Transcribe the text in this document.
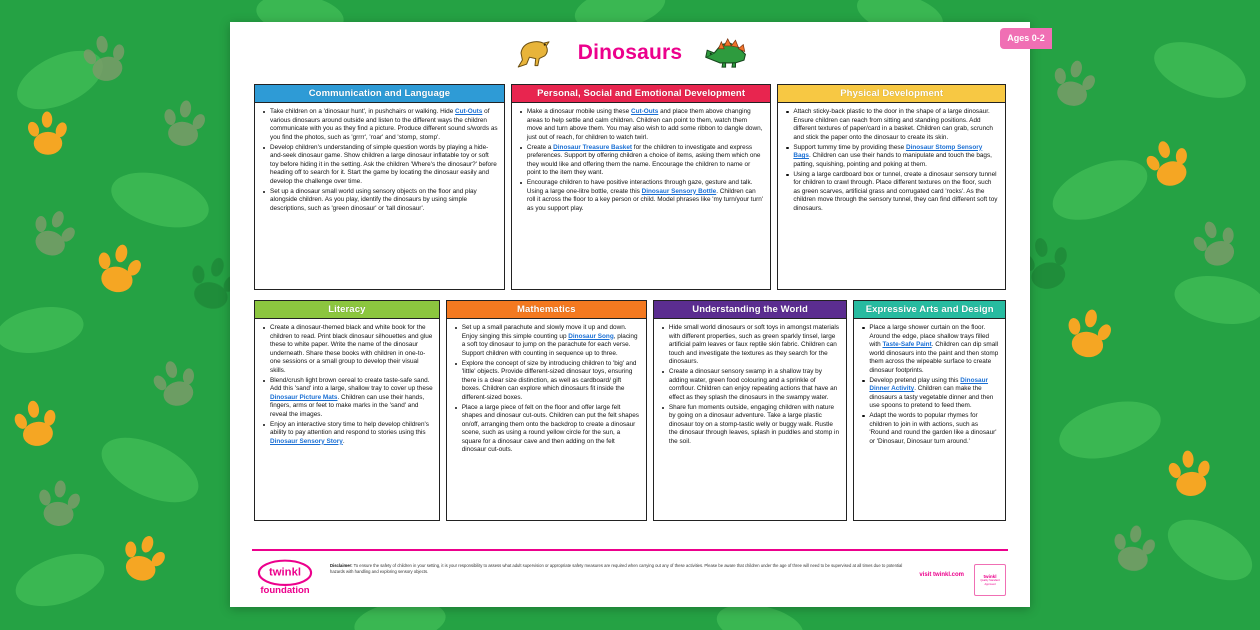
Dinosaurs
Ages 0-2
Communication and Language
Take children on a 'dinosaur hunt', in pushchairs or walking. Hide Cut-Outs of various dinosaurs around outside and listen to the different ways the children communicate with you as they find a picture. Produce different sound s/words as you find the photos, such as 'grrrr', 'roar' and 'stomp, stomp'.
Develop children's understanding of simple question words by playing a hide-and-seek dinosaur game. Show children a large dinosaur inflatable toy or soft toy before hiding it in the setting. Ask the children 'Where's the dinosaur?' before heading off to search for it. Start the game by locating the dinosaur easily and develop the challenge over time.
Set up a dinosaur small world using sensory objects on the floor and play alongside children. As you play, identify the dinosaurs by using simple descriptions, such as 'green dinosaur' or 'tall dinosaur'.
Personal, Social and Emotional Development
Make a dinosaur mobile using these Cut-Outs and place them above changing areas to help settle and calm children. Children can point to them, watch them move and turn above them. You may also wish to add some ribbon to dangle down, just out of reach, for children to watch twirl.
Create a Dinosaur Treasure Basket for the children to investigate and express preferences. Support by offering children a choice of items, asking them which one they would like and offering them the name. Encourage the children to name or point to the item they want.
Encourage children to have positive interactions through gaze, gesture and talk. Using a large one-litre bottle, create this Dinosaur Sensory Bottle. Children can roll it across the floor to a key person or child. Model phrases like 'my turn/your turn' as you support play.
Physical Development
Attach sticky-back plastic to the door in the shape of a large dinosaur. Ensure children can reach from sitting and standing positions. Add different textures of paper/card in a basket. Children can grab, scrunch and stick the paper onto the dinosaur to create its skin.
Support tummy time by providing these Dinosaur Stomp Sensory Bags. Children can use their hands to manipulate and touch the bags, patting, squishing, pointing and poking at them.
Using a large cardboard box or tunnel, create a dinosaur sensory tunnel for children to crawl through. Place different textures on the floor, such as green scarves, artificial grass and corrugated card 'rocks'. As the children move through the sensory tunnel, they can find different soft toy dinosaurs.
Literacy
Create a dinosaur-themed black and white book for the children to read. Print black dinosaur silhouettes and glue these to white paper. Write the name of the dinosaur underneath. Share these books with children in one-to-one sessions or a small group to develop their visual skills.
Blend/crush light brown cereal to create taste-safe sand. Add this 'sand' into a large, shallow tray to cover up these Dinosaur Picture Mats. Children can use their hands, fingers, arms or feet to make marks in the 'sand' and reveal the images.
Enjoy an interactive story time to help develop children's ability to pay attention and respond to stories using this Dinosaur Sensory Story.
Mathematics
Set up a small parachute and slowly move it up and down. Enjoy singing this simple counting up Dinosaur Song, placing a soft toy dinosaur to jump on the parachute for each verse. Support children with counting in sequence up to three.
Explore the concept of size by introducing children to 'big' and 'little' objects. Provide different-sized dinosaur toys, ensuring there is a clear size distinction, as well as cardboard/ gift boxes. Children can explore which dinosaurs fit inside the different-sized boxes.
Place a large piece of felt on the floor and offer large felt shapes and dinosaur cut-outs. Children can put the felt shapes on/off, arranging them onto the backdrop to create a dinosaur scene, such as using a round yellow circle for the sun, a square for a dinosaur cave and then adding on the felt dinosaur cut-outs.
Understanding the World
Hide small world dinosaurs or soft toys in amongst materials with different properties, such as green sparkly tinsel, large artificial palm leaves or faux reptile skin fabric. Children can touch and investigate the textures as they search for the dinosaurs.
Create a dinosaur sensory swamp in a shallow tray by adding water, green food colouring and a sprinkle of cornflour. Children can enjoy repeating actions that have an effect as they splash the dinosaurs in the swampy water.
Share fun moments outside, engaging children with nature by going on a dinosaur adventure. Take a large plastic dinosaur toy on a stomp-tastic welly or buggy walk. Rustle the dinosaur through leaves, splash in puddles and stomp in the soil.
Expressive Arts and Design
Place a large shower curtain on the floor. Around the edge, place shallow trays filled with Taste-Safe Paint. Children can dip small world dinosaurs into the paint and then stomp them across the wipeable surface to create dinosaur footprints.
Develop pretend play using this Dinosaur Dinner Activity. Children can make the dinosaurs a tasty vegetable dinner and then use spoons to pretend to feed them.
Adapt the words to popular rhymes for children to join in with actions, such as 'Round and round the garden like a dinosaur' or 'Dinosaur, Dinosaur turn around.'
twinkl
foundation
Disclaimer: To ensure the safety of children in your setting, it is your responsibility to assess what adult supervision or appropriate safety measures are required when carrying out any of these activities. Please be aware that children under the age of three will need to be supervised at all times due to potential hazards with handling and exploring sensory objects.
visit twinkl.com	twinkl
Quality Standard Approved
